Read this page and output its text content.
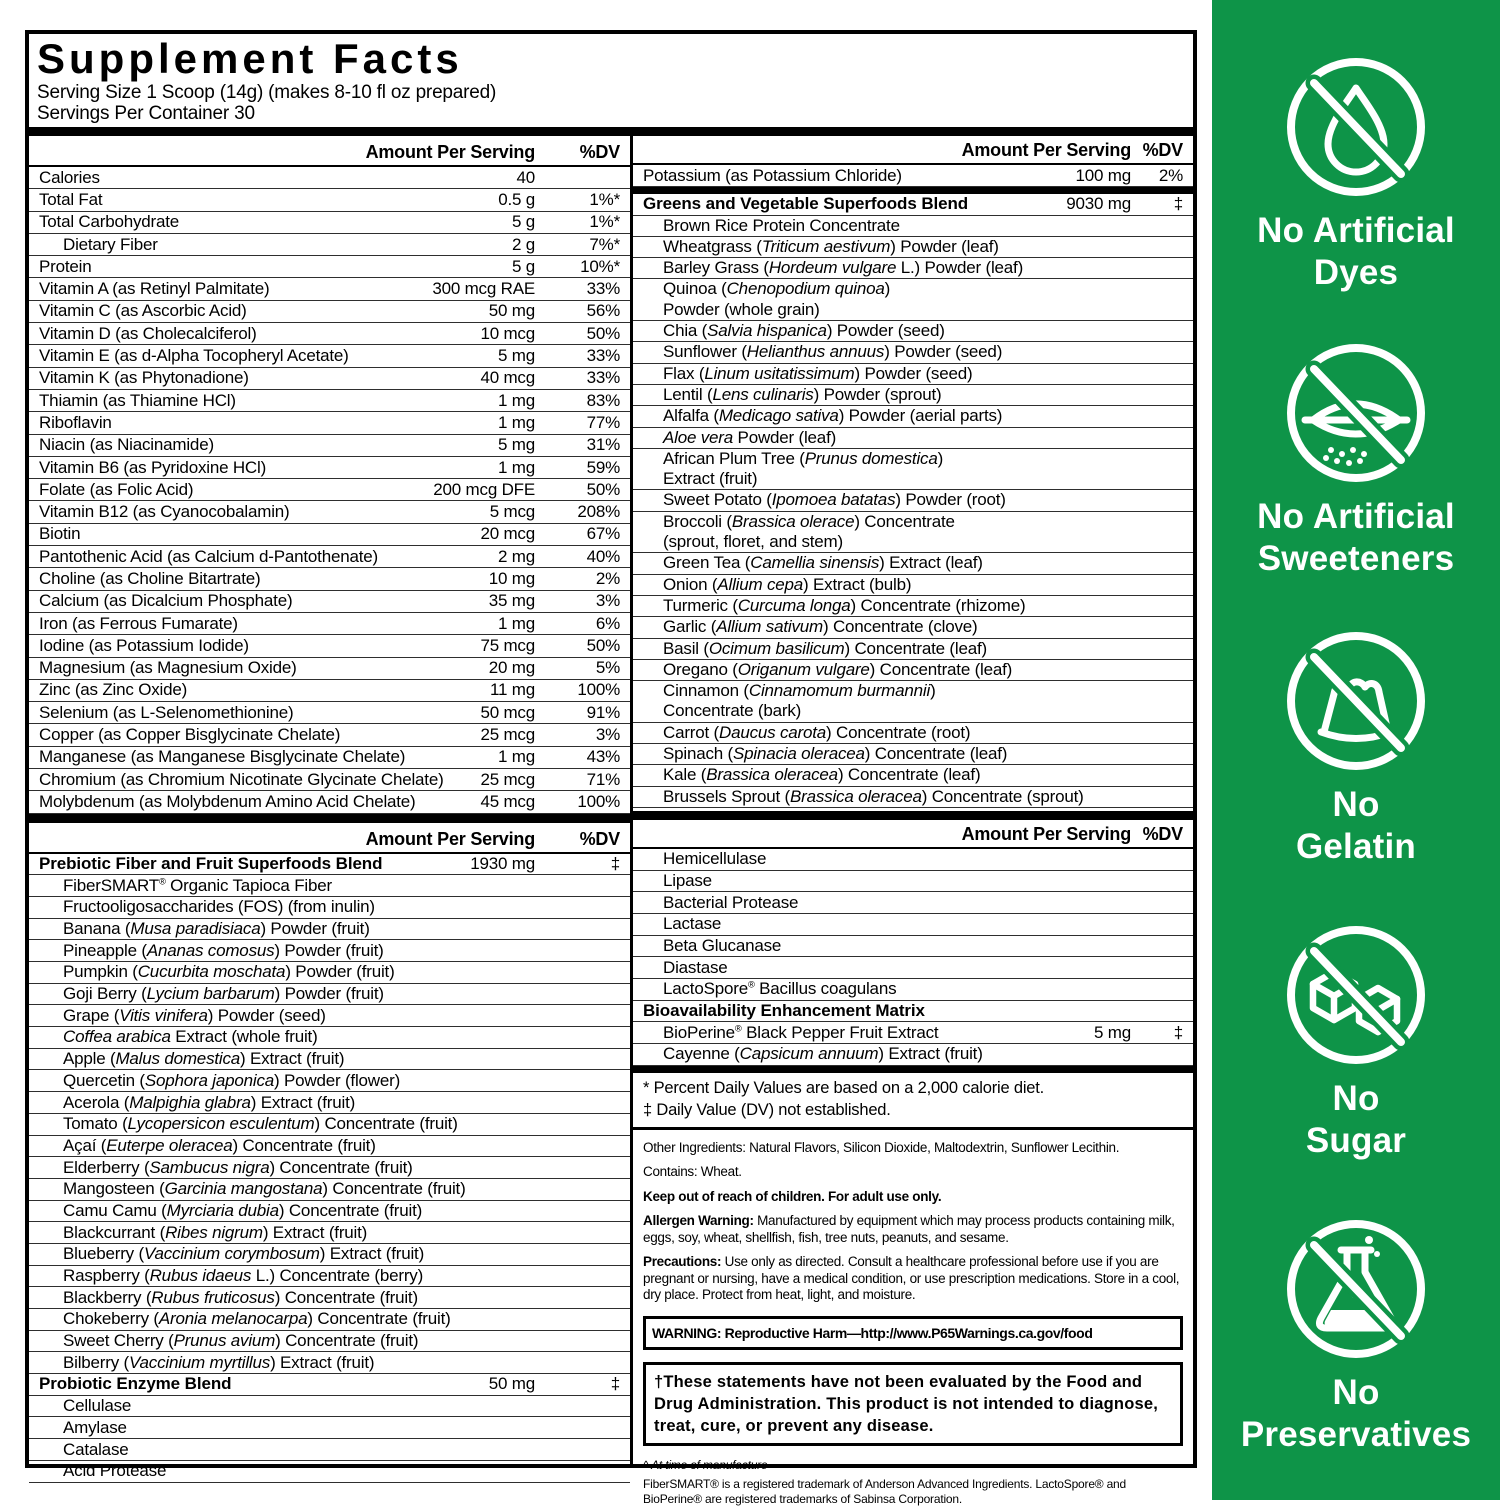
Supplement Facts
Serving Size 1 Scoop (14g) (makes 8-10 fl oz prepared)
Servings Per Container 30
Amount Per Serving	%DV
Calories	40
Total Fat	0.5 g	1%*
Total Carbohydrate	5 g	1%*
Dietary Fiber	2 g	7%*
Protein	5 g	10%*
Vitamin A (as Retinyl Palmitate)	300 mcg RAE	33%
Vitamin C (as Ascorbic Acid)	50 mg	56%
Vitamin D (as Cholecalciferol)	10 mcg	50%
Vitamin E (as d-Alpha Tocopheryl Acetate)	5 mg	33%
Vitamin K (as Phytonadione)	40 mcg	33%
Thiamin (as Thiamine HCl)	1 mg	83%
Riboflavin	1 mg	77%
Niacin (as Niacinamide)	5 mg	31%
Vitamin B6 (as Pyridoxine HCl)	1 mg	59%
Folate (as Folic Acid)	200 mcg DFE	50%
Vitamin B12 (as Cyanocobalamin)	5 mcg	208%
Biotin	20 mcg	67%
Pantothenic Acid (as Calcium d-Pantothenate)	2 mg	40%
Choline (as Choline Bitartrate)	10 mg	2%
Calcium (as Dicalcium Phosphate)	35 mg	3%
Iron (as Ferrous Fumarate)	1 mg	6%
Iodine (as Potassium Iodide)	75 mcg	50%
Magnesium (as Magnesium Oxide)	20 mg	5%
Zinc (as Zinc Oxide)	11 mg	100%
Selenium (as L-Selenomethionine)	50 mcg	91%
Copper (as Copper Bisglycinate Chelate)	25 mcg	3%
Manganese (as Manganese Bisglycinate Chelate)	1 mg	43%
Chromium (as Chromium Nicotinate Glycinate Chelate)	25 mcg	71%
Molybdenum (as Molybdenum Amino Acid Chelate)	45 mcg	100%
Amount Per Serving	%DV
Prebiotic Fiber and Fruit Superfoods Blend	1930 mg	‡
FiberSMART® Organic Tapioca Fiber
Fructooligosaccharides (FOS) (from inulin)
Banana (Musa paradisiaca) Powder (fruit)
Pineapple (Ananas comosus) Powder (fruit)
Pumpkin (Cucurbita moschata) Powder (fruit)
Goji Berry (Lycium barbarum) Powder (fruit)
Grape (Vitis vinifera) Powder (seed)
Coffea arabica Extract (whole fruit)
Apple (Malus domestica) Extract (fruit)
Quercetin (Sophora japonica) Powder (flower)
Acerola (Malpighia glabra) Extract (fruit)
Tomato (Lycopersicon esculentum) Concentrate (fruit)
Açaí (Euterpe oleracea) Concentrate (fruit)
Elderberry (Sambucus nigra) Concentrate (fruit)
Mangosteen (Garcinia mangostana) Concentrate (fruit)
Camu Camu (Myrciaria dubia) Concentrate (fruit)
Blackcurrant (Ribes nigrum) Extract (fruit)
Blueberry (Vaccinium corymbosum) Extract (fruit)
Raspberry (Rubus idaeus L.) Concentrate (berry)
Blackberry (Rubus fruticosus) Concentrate (fruit)
Chokeberry (Aronia melanocarpa) Concentrate (fruit)
Sweet Cherry (Prunus avium) Concentrate (fruit)
Bilberry (Vaccinium myrtillus) Extract (fruit)
Probiotic Enzyme Blend	50 mg	‡
Cellulase
Amylase
Catalase
Acid Protease
Amount Per Serving %DV
Potassium (as Potassium Chloride)	100 mg	2%
Greens and Vegetable Superfoods Blend	9030 mg	‡
Brown Rice Protein Concentrate
Wheatgrass (Triticum aestivum) Powder (leaf)
Barley Grass (Hordeum vulgare L.) Powder (leaf)
Quinoa (Chenopodium quinoa)
Powder (whole grain)
Chia (Salvia hispanica) Powder (seed)
Sunflower (Helianthus annuus) Powder (seed)
Flax (Linum usitatissimum) Powder (seed)
Lentil (Lens culinaris) Powder (sprout)
Alfalfa (Medicago sativa) Powder (aerial parts)
Aloe vera Powder (leaf)
African Plum Tree (Prunus domestica)
Extract (fruit)
Sweet Potato (Ipomoea batatas) Powder (root)
Broccoli (Brassica olerace) Concentrate
(sprout, floret, and stem)
Green Tea (Camellia sinensis) Extract (leaf)
Onion (Allium cepa) Extract (bulb)
Turmeric (Curcuma longa) Concentrate (rhizome)
Garlic (Allium sativum) Concentrate (clove)
Basil (Ocimum basilicum) Concentrate (leaf)
Oregano (Origanum vulgare) Concentrate (leaf)
Cinnamon (Cinnamomum burmannii)
Concentrate (bark)
Carrot (Daucus carota) Concentrate (root)
Spinach (Spinacia oleracea) Concentrate (leaf)
Kale (Brassica oleracea) Concentrate (leaf)
Brussels Sprout (Brassica oleracea) Concentrate (sprout)
Amount Per Serving %DV
Hemicellulase
Lipase
Bacterial Protease
Lactase
Beta Glucanase
Diastase
LactoSpore® Bacillus coagulans
Bioavailability Enhancement Matrix
BioPerine® Black Pepper Fruit Extract	5 mg	‡
Cayenne (Capsicum annuum) Extract (fruit)
* Percent Daily Values are based on a 2,000 calorie diet.
‡ Daily Value (DV) not established.

Other Ingredients: Natural Flavors, Silicon Dioxide, Maltodextrin, Sunflower Lecithin.

Contains: Wheat.

Keep out of reach of children. For adult use only.

Allergen Warning: Manufactured by equipment which may process products containing milk, eggs, soy, wheat, shellfish, fish, tree nuts, peanuts, and sesame.

Precautions: Use only as directed. Consult a healthcare professional before use if you are pregnant or nursing, have a medical condition, or use prescription medications. Store in a cool, dry place. Protect from heat, light, and moisture.

WARNING: Reproductive Harm—http://www.P65Warnings.ca.gov/food
†These statements have not been evaluated by the Food and Drug Administration. This product is not intended to diagnose, treat, cure, or prevent any disease.

^ At time of manufacture

FiberSMART® is a registered trademark of Anderson Advanced Ingredients. LactoSpore® and BioPerine® are registered trademarks of Sabinsa Corporation.

No Artificial
Dyes
No Artificial
Sweeteners
No
Gelatin
No
Sugar
No
Preservatives
